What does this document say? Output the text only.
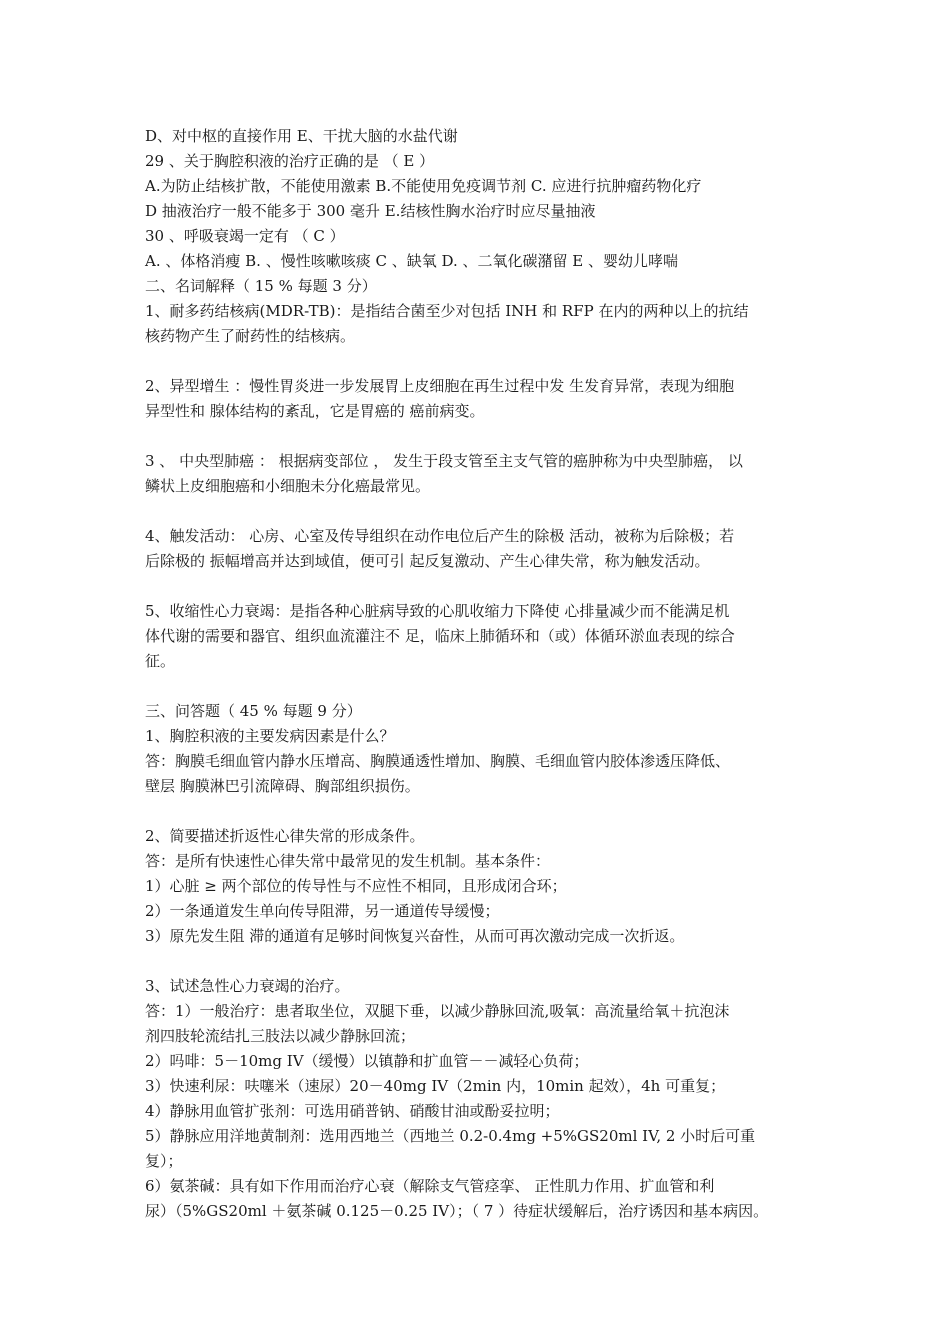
D、对中枢的直接作用 E、干扰大脑的水盐代谢

29 、关于胸腔积液的治疗正确的是 （ E ）

A.为防止结核扩散，不能使用激素 B.不能使用免疫调节剂 C. 应进行抗肿瘤药物化疗

D 抽液治疗一般不能多于 300 毫升 E.结核性胸水治疗时应尽量抽液

30 、呼吸衰竭一定有 （ C ）

A. 、体格消瘦 B. 、慢性咳嗽咳痰 C 、缺氧 D. 、二氧化碳潴留 E 、婴幼儿哮喘

二、名词解释（ 15 % 每题 3 分）

1、耐多药结核病(MDR-TB)：是指结合菌至少对包括 INH 和 RFP 在内的两种以上的抗结

核药物产生了耐药性的结核病。

2、异型增生 ：慢性胃炎进一步发展胃上皮细胞在再生过程中发 生发育异常，表现为细胞

异型性和 腺体结构的紊乱，它是胃癌的 癌前病变。

3 、 中央型肺癌 ： 根据病变部位 ， 发生于段支管至主支气管的癌肿称为中央型肺癌， 以

鳞状上皮细胞癌和小细胞未分化癌最常见。

4、触发活动： 心房、心室及传导组织在动作电位后产生的除极 活动，被称为后除极；若

后除极的 振幅增高并达到域值，便可引 起反复激动、产生心律失常，称为触发活动。

5、收缩性心力衰竭：是指各种心脏病导致的心肌收缩力下降使 心排量减少而不能满足机

体代谢的需要和器官、组织血流灌注不 足，临床上肺循环和（或）体循环淤血表现的综合

征。

三、问答题（ 45 % 每题 9 分）

1、胸腔积液的主要发病因素是什么？

答：胸膜毛细血管内静水压增高、胸膜通透性增加、胸膜、毛细血管内胶体渗透压降低、

壁层 胸膜淋巴引流障碍、胸部组织损伤。

2、简要描述折返性心律失常的形成条件。

答：是所有快速性心律失常中最常见的发生机制。基本条件：

1）心脏 ≥ 两个部位的传导性与不应性不相同，且形成闭合环；

2）一条通道发生单向传导阻滞，另一通道传导缓慢；

3）原先发生阻 滞的通道有足够时间恢复兴奋性，从而可再次激动完成一次折返。

3、试述急性心力衰竭的治疗。

答：1）一般治疗：患者取坐位，双腿下垂，以减少静脉回流,吸氧：高流量给氧＋抗泡沫

剂四肢轮流结扎三肢法以减少静脉回流；

2）吗啡：5－10mg IV（缓慢）以镇静和扩血管－－减轻心负荷；

3）快速利尿：呋噻米（速尿）20－40mg IV（2min 内，10min 起效），4h 可重复；

4）静脉用血管扩张剂：可选用硝普钠、硝酸甘油或酚妥拉明；

5）静脉应用洋地黄制剂：选用西地兰（西地兰 0.2-0.4mg +5%GS20ml IV, 2 小时后可重

复）；

6）氨茶碱：具有如下作用而治疗心衰（解除支气管痉挛、 正性肌力作用、扩血管和利

尿）（5%GS20ml ＋氨茶碱 0.125－0.25 IV）；（ 7 ）待症状缓解后，治疗诱因和基本病因。
